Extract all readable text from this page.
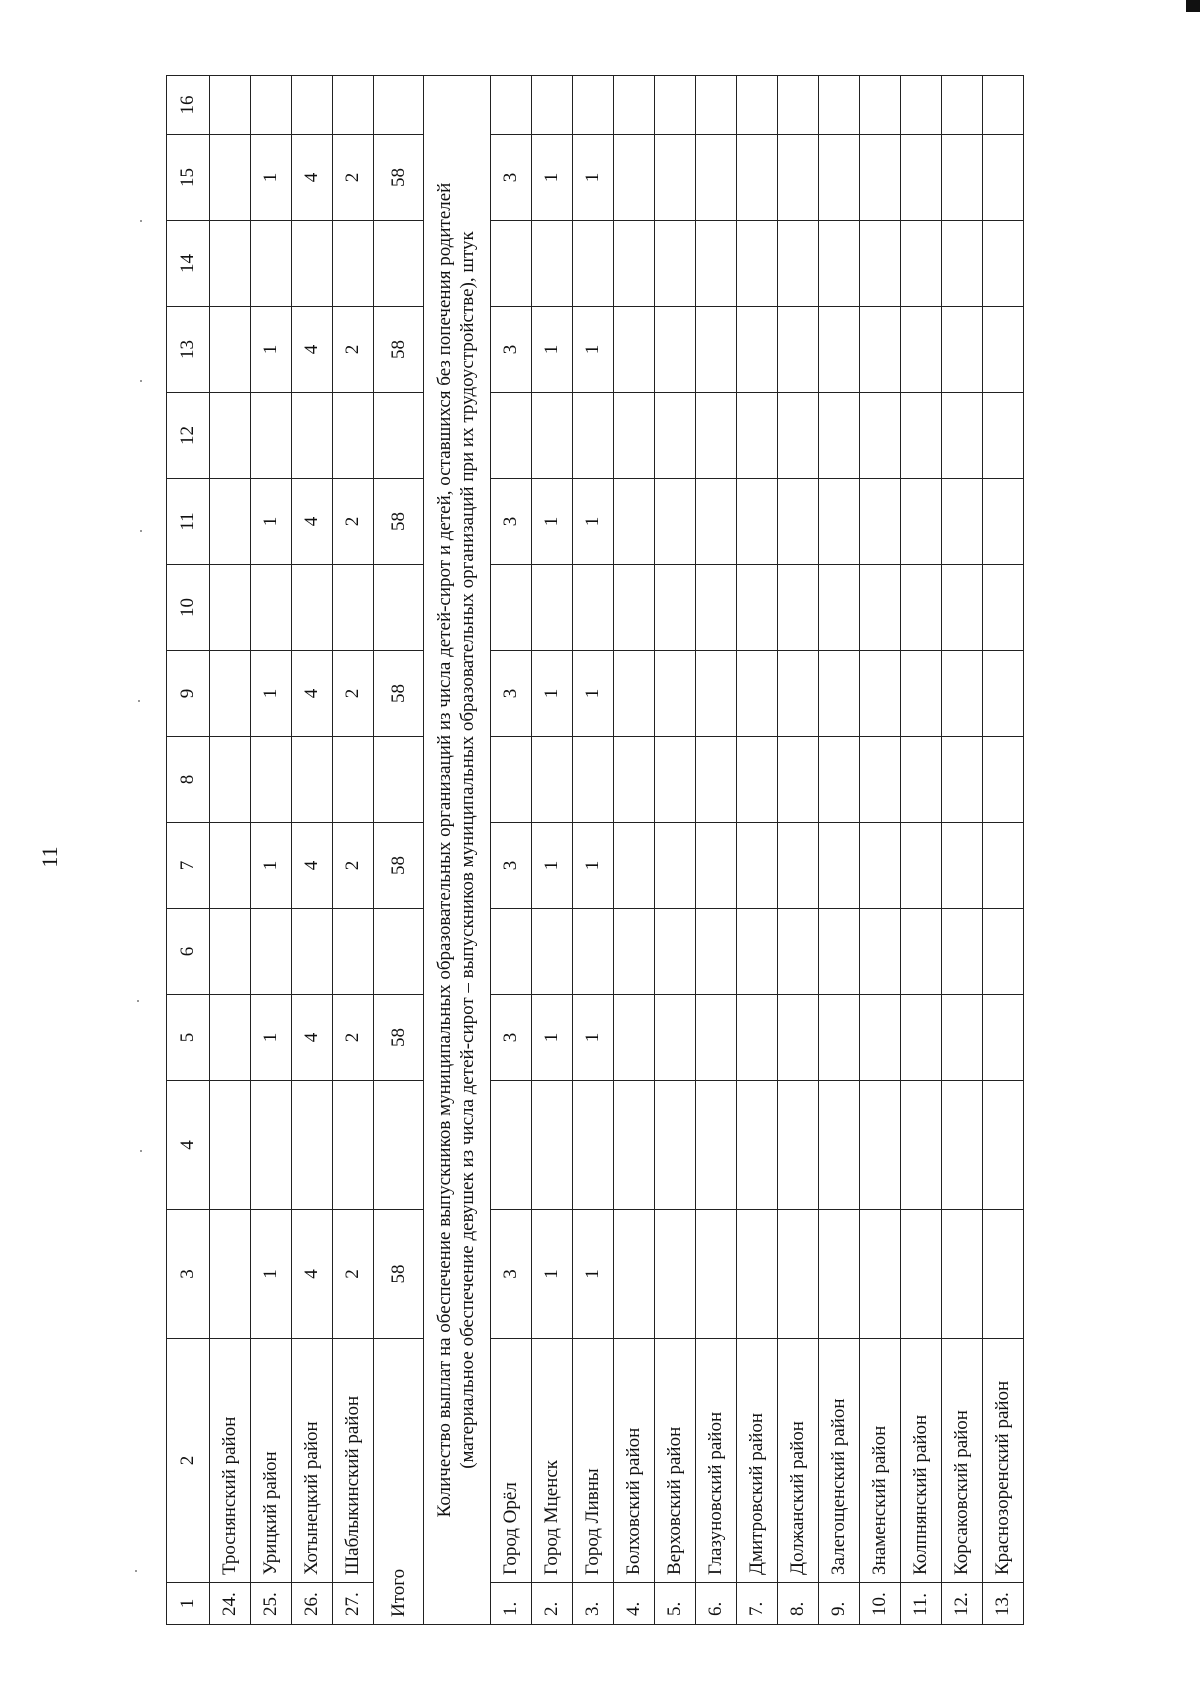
11
1	2	3	4	5	6	7	8	9	10	11	12	13	14	15	16
24.	Троснянский район														
25.	Урицкий район	1		1		1		1		1		1		1	
26.	Хотынецкий район	4		4		4		4		4		4		4	
27.	Шаблыкинский район	2		2		2		2		2		2		2	
Итого		58		58		58		58		58		58		58	

Количество выплат на обеспечение выпускников муниципальных образовательных организаций из числа детей-сирот и детей, оставшихся без попечения родителей (материальное обеспечение девушек из числа детей-сирот – выпускников муниципальных образовательных организаций при их трудоустройстве), штук															

1.	Город Орёл	3		3		3		3		3		3		3	
2.	Город Мценск	1		1		1		1		1		1		1	
3.	Город Ливны	1		1		1		1		1		1		1	
4.	Болховский район														
5.	Верховский район														
6.	Глазуновский район														
7.	Дмитровский район														
8.	Должанский район														
9.	Залегощенский район														
10.	Знаменский район														
11.	Колпнянский район														
12.	Корсаковский район														
13.	Краснозоренский район														
